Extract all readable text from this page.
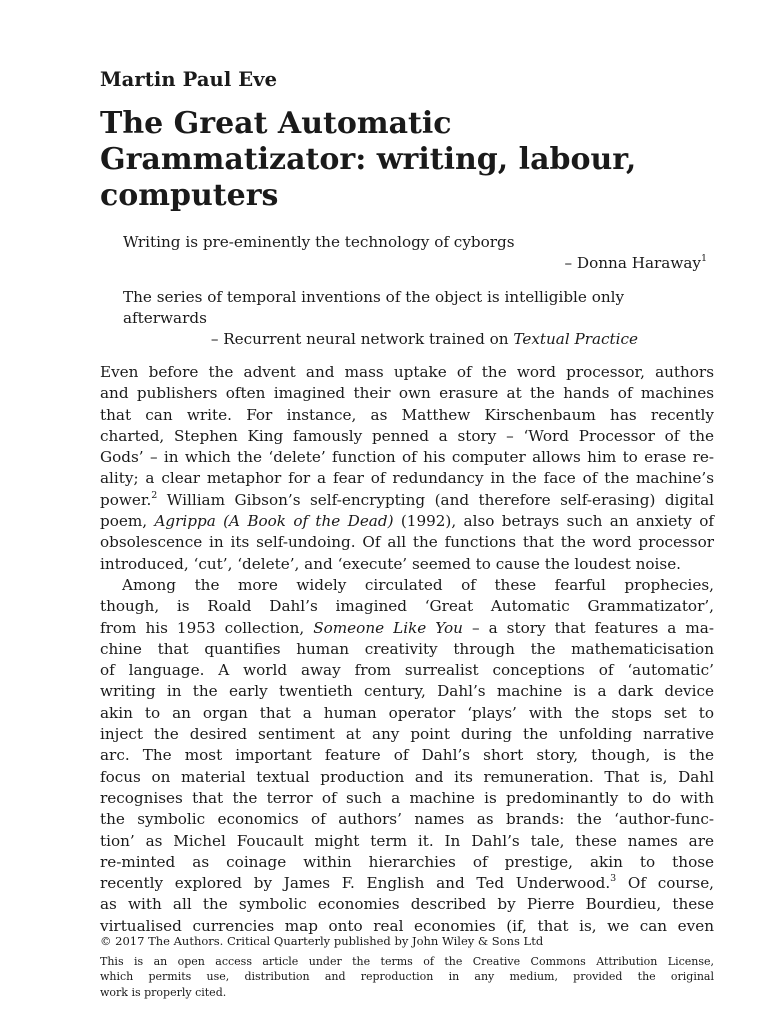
Martin Paul Eve
The Great Automatic
Grammatizator: writing, labour,
computers
Writing is pre-eminently the technology of cyborgs
– Donna Haraway$^1$
The series of temporal inventions of the object is intelligible only
afterwards
– Recurrent neural network trained on Textual Practice
Even before the advent and mass uptake of the word processor, authors
and publishers often imagined their own erasure at the hands of machines
that can write. For instance, as Matthew Kirschenbaum has recently
charted, Stephen King famously penned a story – ‘Word Processor of the
Gods’ – in which the ‘delete’ function of his computer allows him to erase re-
ality; a clear metaphor for a fear of redundancy in the face of the machine’s
power.$^2$ William Gibson’s self-encrypting (and therefore self-erasing) digital
poem, Agrippa (A Book of the Dead) (1992), also betrays such an anxiety of
obsolescence in its self-undoing. Of all the functions that the word processor
introduced, ‘cut’, ‘delete’, and ‘execute’ seemed to cause the loudest noise.
Among the more widely circulated of these fearful prophecies,
though, is Roald Dahl’s imagined ‘Great Automatic Grammatizator’,
from his 1953 collection, Someone Like You – a story that features a ma-
chine that quantifies human creativity through the mathematicisation
of language. A world away from surrealist conceptions of ‘automatic’
writing in the early twentieth century, Dahl’s machine is a dark device
akin to an organ that a human operator ‘plays’ with the stops set to
inject the desired sentiment at any point during the unfolding narrative
arc. The most important feature of Dahl’s short story, though, is the
focus on material textual production and its remuneration. That is, Dahl
recognises that the terror of such a machine is predominantly to do with
the symbolic economics of authors’ names as brands: the ‘author-func-
tion’ as Michel Foucault might term it. In Dahl’s tale, these names are
re-minted as coinage within hierarchies of prestige, akin to those
recently explored by James F. English and Ted Underwood.$^3$ Of course,
as with all the symbolic economies described by Pierre Bourdieu, these
virtualised currencies map onto real economies (if, that is, we can even
© 2017 The Authors. Critical Quarterly published by John Wiley & Sons Ltd
This is an open access article under the terms of the Creative Commons Attribution License,
which permits use, distribution and reproduction in any medium, provided the original
work is properly cited.
